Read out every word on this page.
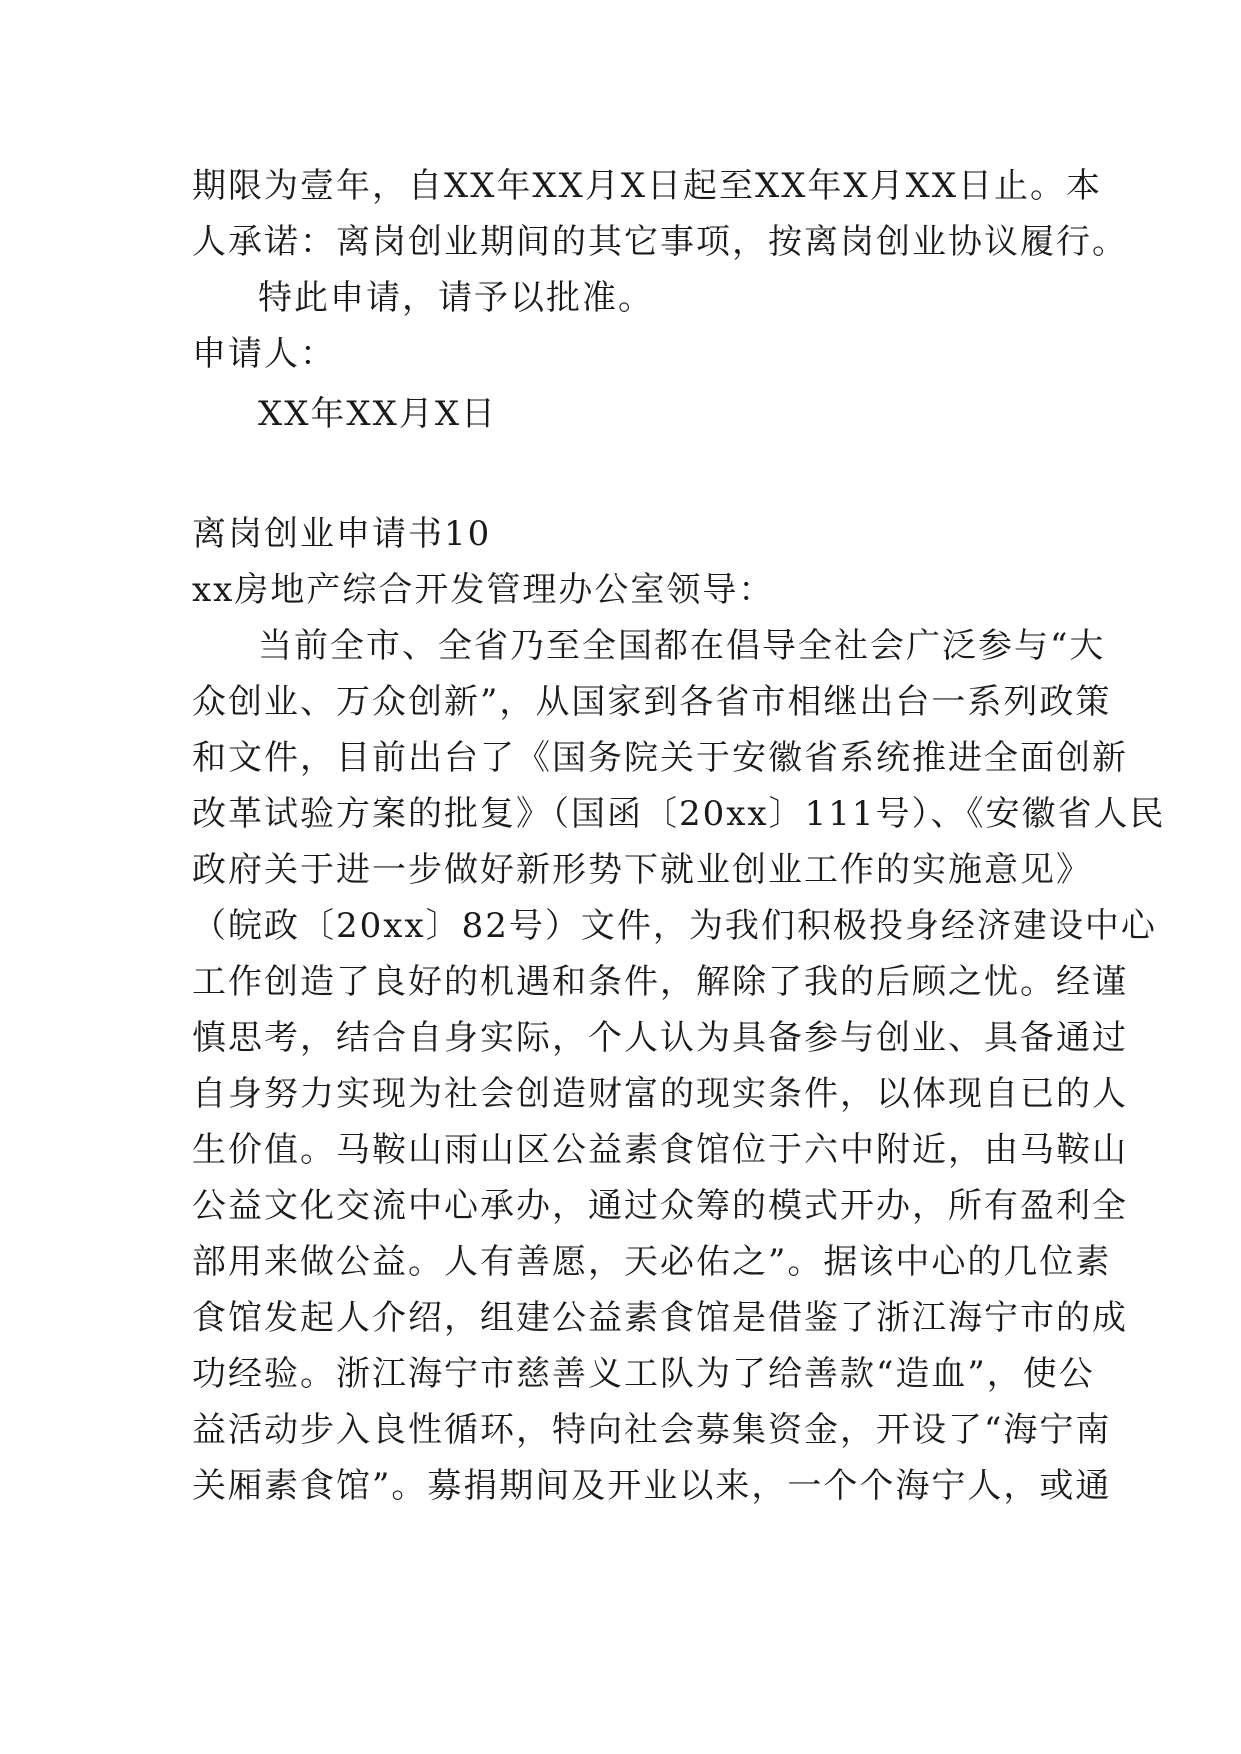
期限为壹年，自XX年XX月X日起至XX年X月XX日止。本
人承诺：离岗创业期间的其它事项，按离岗创业协议履行。
特此申请，请予以批准。
申请人：
XX年XX月X日
离岗创业申请书10
xx房地产综合开发管理办公室领导：
当前全市、全省乃至全国都在倡导全社会广泛参与“大
众创业、万众创新”，从国家到各省市相继出台一系列政策
和文件，目前出台了《国务院关于安徽省系统推进全面创新
改革试验方案的批复》（国函〔20xx〕111号）、《安徽省人民
政府关于进一步做好新形势下就业创业工作的实施意见》
（皖政〔20xx〕82号）文件，为我们积极投身经济建设中心
工作创造了良好的机遇和条件，解除了我的后顾之忧。经谨
慎思考，结合自身实际，个人认为具备参与创业、具备通过
自身努力实现为社会创造财富的现实条件，以体现自已的人
生价值。马鞍山雨山区公益素食馆位于六中附近，由马鞍山
公益文化交流中心承办，通过众筹的模式开办，所有盈利全
部用来做公益。人有善愿，天必佑之”。据该中心的几位素
食馆发起人介绍，组建公益素食馆是借鉴了浙江海宁市的成
功经验。浙江海宁市慈善义工队为了给善款“造血”，使公
益活动步入良性循环，特向社会募集资金，开设了“海宁南
关厢素食馆”。募捐期间及开业以来，一个个海宁人，或通
